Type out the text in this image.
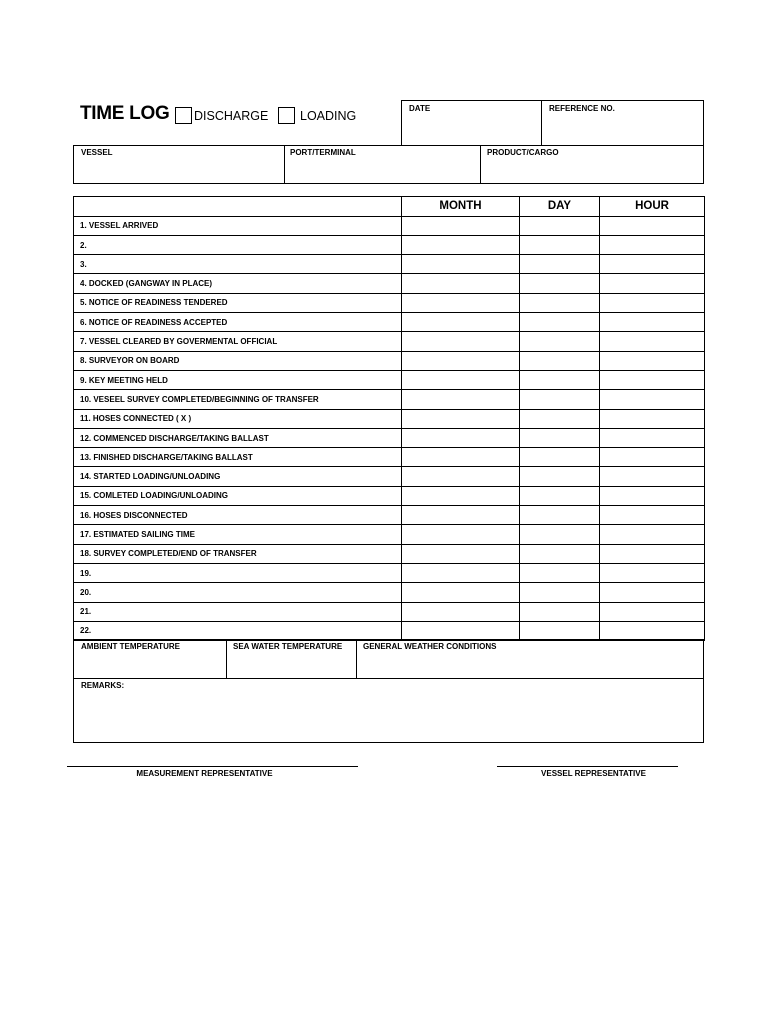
TIME LOG DISCHARGE	LOADING
DATE	REFERENCE NO.
VESSEL	PORT/TERMINAL	PRODUCT/CARGO
	MONTH	DAY	HOUR
1. VESSEL ARRIVED			
2.			
3.			
4. DOCKED (GANGWAY IN PLACE)			
5. NOTICE OF READINESS TENDERED			
6. NOTICE OF READINESS ACCEPTED			
7. VESSEL CLEARED BY GOVERMENTAL OFFICIAL			
8. SURVEYOR ON BOARD			
9. KEY MEETING HELD			
10. VESEEL SURVEY COMPLETED/BEGINNING OF TRANSFER			
11. HOSES CONNECTED ( X )			
12. COMMENCED DISCHARGE/TAKING BALLAST			
13. FINISHED DISCHARGE/TAKING BALLAST			
14. STARTED LOADING/UNLOADING			
15. COMLETED LOADING/UNLOADING			
16. HOSES DISCONNECTED			
17. ESTIMATED SAILING TIME			
18. SURVEY COMPLETED/END OF TRANSFER			
19.			
20.			
21.			
22.			
AMBIENT TEMPERATURE	SEA WATER TEMPERATURE	GENERAL WEATHER CONDITIONS
REMARKS:
MEASUREMENT REPRESENTATIVE	VESSEL REPRESENTATIVE
